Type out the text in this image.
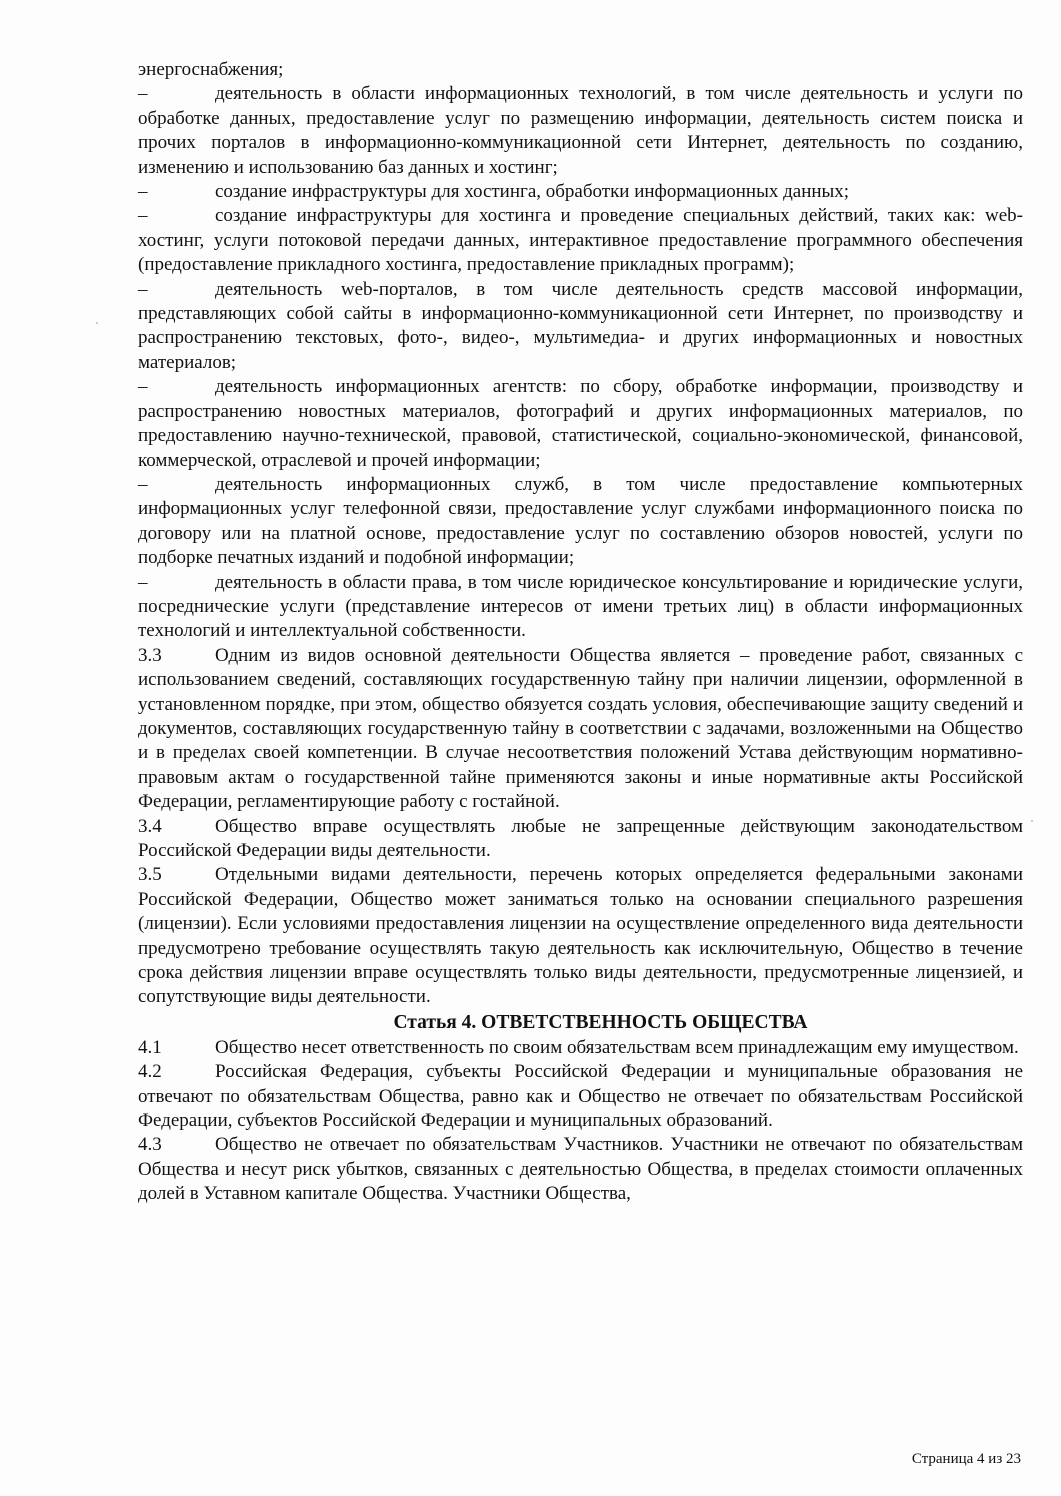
энергоснабжения;

–	деятельность в области информационных технологий, в том числе деятельность и услуги по обработке данных, предоставление услуг по размещению информации, деятельность систем поиска и прочих порталов в информационно-коммуникационной сети Интернет, деятельность по созданию, изменению и использованию баз данных и хостинг;

–	создание инфраструктуры для хостинга, обработки информационных данных;

–	создание инфраструктуры для хостинга и проведение специальных действий, таких как: web-хостинг, услуги потоковой передачи данных, интерактивное предоставление программного обеспечения (предоставление прикладного хостинга, предоставление прикладных программ);

–	деятельность web-порталов, в том числе деятельность средств массовой информации, представляющих собой сайты в информационно-коммуникационной сети Интернет, по производству и распространению текстовых, фото-, видео-, мультимедиа- и других информационных и новостных материалов;

–	деятельность информационных агентств: по сбору, обработке информации, производству и распространению новостных материалов, фотографий и других информационных материалов, по предоставлению научно-технической, правовой, статистической, социально-экономической, финансовой, коммерческой, отраслевой и прочей информации;

–	деятельность информационных служб, в том числе предоставление компьютерных информационных услуг телефонной связи, предоставление услуг службами информационного поиска по договору или на платной основе, предоставление услуг по составлению обзоров новостей, услуги по подборке печатных изданий и подобной информации;

–	деятельность в области права, в том числе юридическое консультирование и юридические услуги, посреднические услуги (представление интересов от имени третьих лиц) в области информационных технологий и интеллектуальной собственности.

3.3	Одним из видов основной деятельности Общества является – проведение работ, связанных с использованием сведений, составляющих государственную тайну при наличии лицензии, оформленной в установленном порядке, при этом, общество обязуется создать условия, обеспечивающие защиту сведений и документов, составляющих государственную тайну в соответствии с задачами, возложенными на Общество и в пределах своей компетенции. В случае несоответствия положений Устава действующим нормативно-правовым актам о государственной тайне применяются законы и иные нормативные акты Российской Федерации, регламентирующие работу с гостайной.

3.4	Общество вправе осуществлять любые не запрещенные действующим законодательством Российской Федерации виды деятельности.

3.5	Отдельными видами деятельности, перечень которых определяется федеральными законами Российской Федерации, Общество может заниматься только на основании специального разрешения (лицензии). Если условиями предоставления лицензии на осуществление определенного вида деятельности предусмотрено требование осуществлять такую деятельность как исключительную, Общество в течение срока действия лицензии вправе осуществлять только виды деятельности, предусмотренные лицензией, и сопутствующие виды деятельности.

Статья 4. ОТВЕТСТВЕННОСТЬ ОБЩЕСТВА

4.1	Общество несет ответственность по своим обязательствам всем принадлежащим ему имуществом.

4.2	Российская Федерация, субъекты Российской Федерации и муниципальные образования не отвечают по обязательствам Общества, равно как и Общество не отвечает по обязательствам Российской Федерации, субъектов Российской Федерации и муниципальных образований.

4.3	Общество не отвечает по обязательствам Участников. Участники не отвечают по обязательствам Общества и несут риск убытков, связанных с деятельностью Общества, в пределах стоимости оплаченных долей в Уставном капитале Общества. Участники Общества,

Страница 4 из 23
